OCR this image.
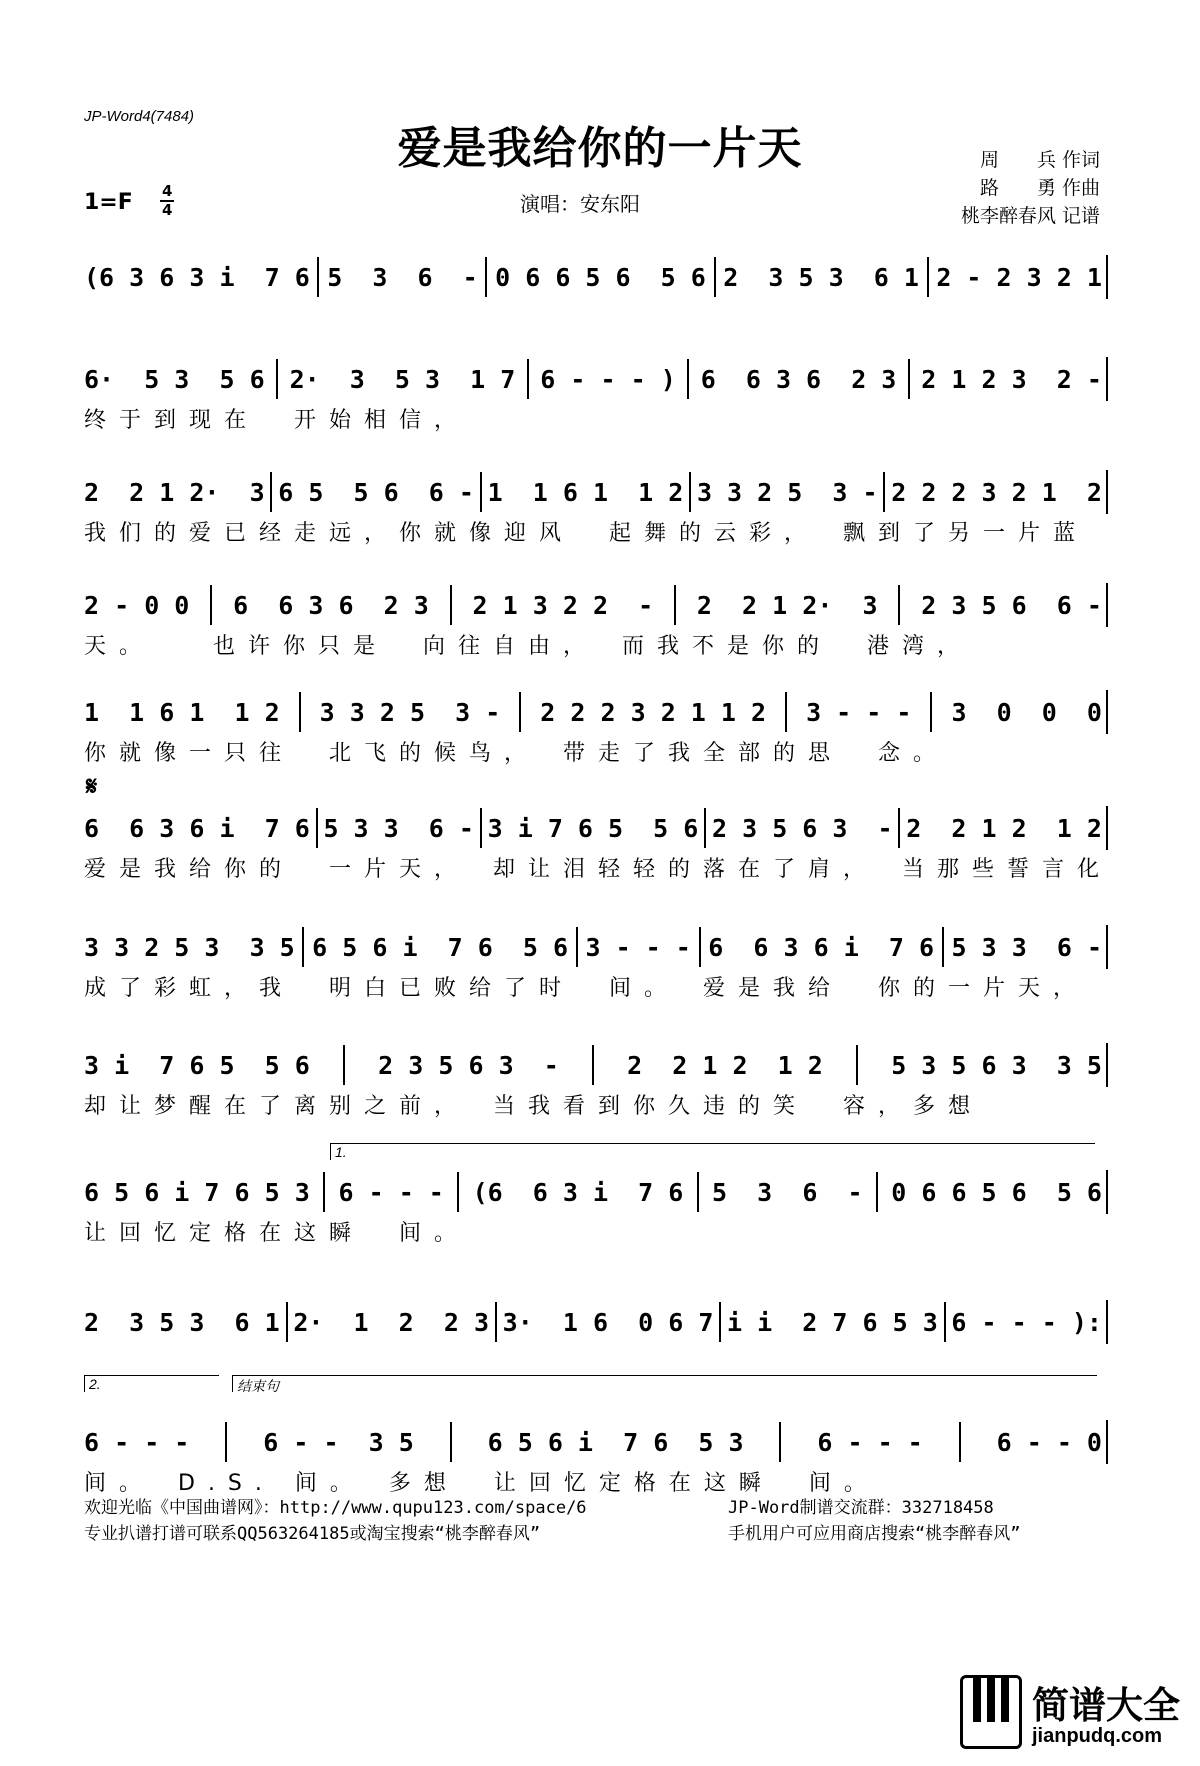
JP-Word4(7484)
爱是我给你的一片天
1=F 4
4	演唱：安东阳
周　　兵 作词
路　　勇 作曲
桃李醉春风 记谱
(6 3 6 3 i  7 6 5  3  6  - 0 6 6 5 6  5 6 2  3 5 3  6 1 2 - 2 3 2 1
6·  5 3  5 6 2·  3  5 3  1 7 6 - - - ) 6  6 3 6  2 3 2 1 2 3  2 -
终于到现在　开始相信，
2  2 1 2·  3 6 5  5 6  6 - 1  1 6 1  1 2 3 3 2 5  3 - 2 2 2 3 2 1  2
我们的爱已经走远，你就像迎风　起舞的云彩，　飘到了另一片蓝
2 - 0 0 6  6 3 6  2 3 2 1 3 2 2  - 2  2 1 2·  3 2 3 5 6  6 -
天。　　也许你只是　向往自由，　而我不是你的　港湾，
1  1 6 1  1 2 3 3 2 5  3 - 2 2 2 3 2 1 1 2 3 - - - 3  0  0  0
你就像一只往　北飞的候鸟，　带走了我全部的思　念。
6  6 3 6 i  7 6 5 3 3  6 - 3 i 7 6 5  5 6 2 3 5 6 3  - 2  2 1 2  1 2
爱是我给你的　一片天，　却让泪轻轻的落在了肩，　当那些誓言化
3 3 2 5 3  3 5 6 5 6 i  7 6  5 6 3 - - - 6  6 3 6 i  7 6 5 3 3  6 -
成了彩虹，我　明白已败给了时　间。　爱是我给　你的一片天，
3 i  7 6 5  5 6	2 3 5 6 3  -	2  2 1 2  1 2	5 3 5 6 3  3 5
却让梦醒在了离别之前，　当我看到你久违的笑　容，多想
6 5 6 i 7 6 5 3 6 - - - (6  6 3 i  7 6 5  3  6  - 0 6 6 5 6  5 6
让回忆定格在这瞬　间。
2  3 5 3  6 1 2·  1  2  2 3 3·  1 6  0 6 7 i i  2 7 6 5 3 6 - - - ):
6 - - -	6 - -  3 5	6 5 6 i  7 6  5 3	6 - - -	6 - - 0
间。　D.S. 间。　多想　让回忆定格在这瞬　间。
𝄋
1.
2.	结束句
欢迎光临《中国曲谱网》：http://www.qupu123.com/space/6
专业扒谱打谱可联系QQ563264185或淘宝搜索“桃李醉春风”
JP-Word制谱交流群：332718458
手机用户可应用商店搜索“桃李醉春风”
简谱大全
jianpudq.com
